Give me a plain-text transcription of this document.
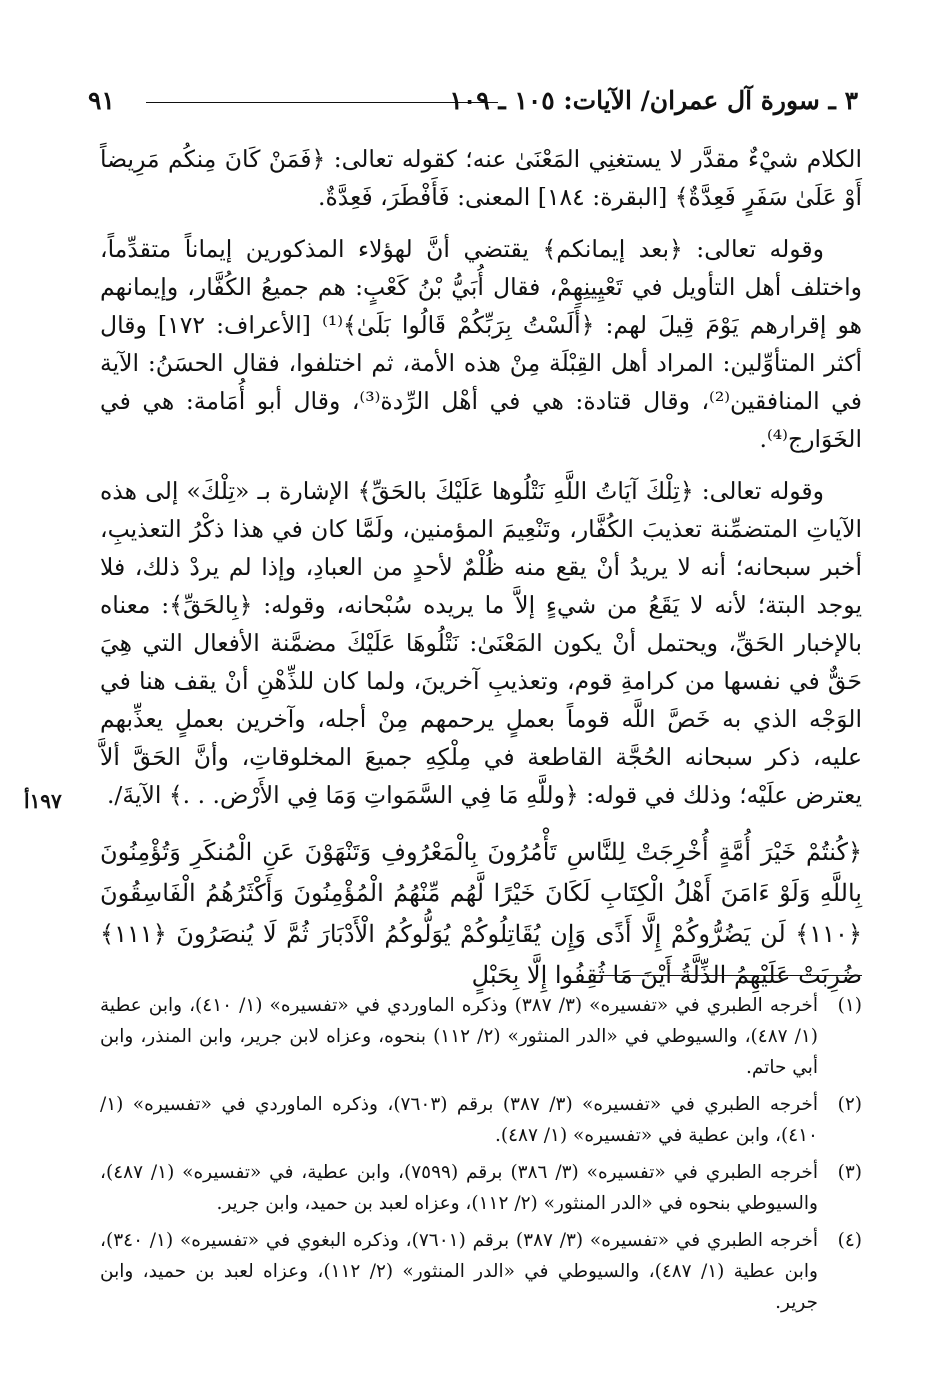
٣ ـ سورة آل عمران/ الآيات: ١٠٥ ـ ١٠٩
٩١

الكلام شيْءٌ مقدَّر لا يستغنِي المَعْنَىٰ عنه؛ كقوله تعالى: ﴿فَمَنْ كَانَ مِنكُم مَرِيضاً أَوْ عَلَىٰ سَفَرٍ فَعِدَّةٌ﴾ [البقرة: ١٨٤] المعنى: فَأَفْطَرَ، فَعِدَّةٌ.

وقوله تعالى: ﴿بعد إيمانكم﴾ يقتضي أنَّ لهؤلاء المذكورين إيماناً متقدِّماً، واختلف أهل التأويل في تَعْيِينِهِمْ، فقال أُبَيُّ بْنُ كَعْبٍ: هم جميعُ الكُفَّار، وإيمانهم هو إقرارهم يَوْمَ قِيلَ لهم: ﴿أَلَسْتُ بِرَبِّكُمْ قَالُوا بَلَىٰ﴾⁽¹⁾ [الأعراف: ١٧٢] وقال أكثر المتأوِّلين: المراد أهل القِبْلَة مِنْ هذه الأمة، ثم اختلفوا، فقال الحسَنُ: الآية في المنافقين⁽²⁾، وقال قتادة: هي في أهْل الرِّدة⁽³⁾، وقال أبو أُمَامة: هي في الخَوَارج⁽⁴⁾.

وقوله تعالى: ﴿تِلْكَ آيَاتُ اللَّهِ نَتْلُوها عَلَيْكَ بالحَقِّ﴾ الإشارة بـ «تِلْكَ» إلى هذه الآياتِ المتضمِّنة تعذيبَ الكُفَّار، وتَنْعِيمَ المؤمنين، ولَمَّا كان في هذا ذكْرُ التعذيبِ، أخبر سبحانه؛ أنه لا يريدُ أنْ يقع منه ظُلْمٌ لأحدٍ من العبادِ، وإذا لم يردْ ذلك، فلا يوجد البتة؛ لأنه لا يَقَعُ من شيءٍ إلاَّ ما يريده سُبْحانه، وقوله: ﴿بِالحَقِّ﴾: معناه بالإخبار الحَقِّ، ويحتمل أنْ يكون المَعْنَىٰ: نَتْلُوهَا عَلَيْكَ مضمَّنة الأفعال التي هِيَ حَقٌّ في نفسها من كرامةِ قوم، وتعذيبِ آخرينَ، ولما كان للذِّهْنِ أنْ يقف هنا في الوَجْه الذي به خَصَّ اللَّه قوماً بعملٍ يرحمهم مِنْ أجله، وآخرين بعملٍ يعذِّبهم عليه، ذكر سبحانه الحُجَّة القاطعة في مِلْكِهِ جميعَ المخلوقاتِ، وأنَّ الحَقَّ ألاَّ يعترض علَيْه؛ وذلك في قوله: ﴿وللَّهِ مَا فِي السَّمَواتِ وَمَا فِي الأَرْض. . .﴾ الآيةَ/.

﴿كُنتُمْ خَيْرَ أُمَّةٍ أُخْرِجَتْ لِلنَّاسِ تَأْمُرُونَ بِالْمَعْرُوفِ وَتَنْهَوْنَ عَنِ الْمُنكَرِ وَتُؤْمِنُونَ بِاللَّهِ وَلَوْ ءَامَنَ أَهْلُ الْكِتَابِ لَكَانَ خَيْرًا لَّهُم مِّنْهُمُ الْمُؤْمِنُونَ وَأَكْثَرُهُمُ الْفَاسِقُونَ ﴿١١٠﴾ لَن يَضُرُّوكُمْ إِلَّا أَذًى وَإِن يُقَاتِلُوكُمْ يُوَلُّوكُمُ الْأَدْبَارَ ثُمَّ لَا يُنصَرُونَ ﴿١١١﴾ ضُرِبَتْ عَلَيْهِمُ الذِّلَّةُ أَيْنَ مَا ثُقِفُوا إِلَّا بِحَبْلٍ

١٩٧أ
(١)
أخرجه الطبري في «تفسيره» (٣/ ٣٨٧) وذكره الماوردي في «تفسيره» (١/ ٤١٠)، وابن عطية (١/ ٤٨٧)، والسيوطي في «الدر المنثور» (٢/ ١١٢) بنحوه، وعزاه لابن جرير، وابن المنذر، وابن أبي حاتم.
(٢)
أخرجه الطبري في «تفسيره» (٣/ ٣٨٧) برقم (٧٦٠٣)، وذكره الماوردي في «تفسيره» (١/ ٤١٠)، وابن عطية في «تفسيره» (١/ ٤٨٧).
(٣)
أخرجه الطبري في «تفسيره» (٣/ ٣٨٦) برقم (٧٥٩٩)، وابن عطية، في «تفسيره» (١/ ٤٨٧)، والسيوطي بنحوه في «الدر المنثور» (٢/ ١١٢)، وعزاه لعبد بن حميد، وابن جرير.
(٤)
أخرجه الطبري في «تفسيره» (٣/ ٣٨٧) برقم (٧٦٠١)، وذكره البغوي في «تفسيره» (١/ ٣٤٠)، وابن عطية (١/ ٤٨٧)، والسيوطي في «الدر المنثور» (٢/ ١١٢)، وعزاه لعبد بن حميد، وابن جرير.
